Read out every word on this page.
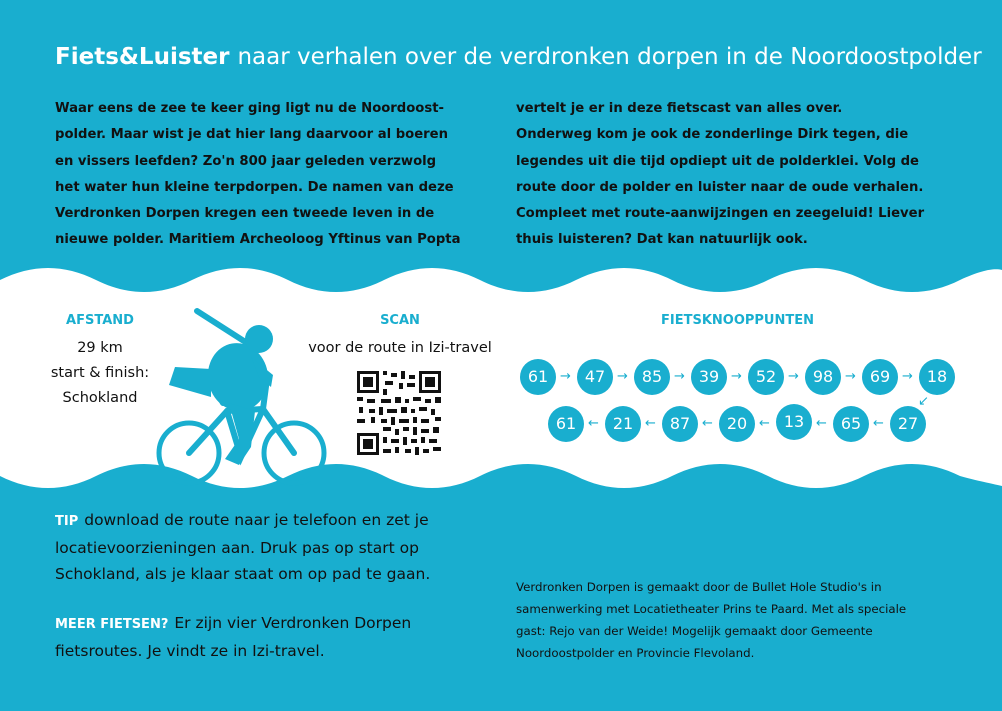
Fiets&Luister naar verhalen over de verdronken dorpen in de Noordoostpolder
Waar eens de zee te keer ging ligt nu de Noordoost-
polder. Maar wist je dat hier lang daarvoor al boeren
en vissers leefden? Zo'n 800 jaar geleden verzwolg
het water hun kleine terpdorpen. De namen van deze
Verdronken Dorpen kregen een tweede leven in de
nieuwe polder. Maritiem Archeoloog Yftinus van Popta
vertelt je er in deze fietscast van alles over.
Onderweg kom je ook de zonderlinge Dirk tegen, die
legendes uit die tijd opdiept uit de polderklei. Volg de
route door de polder en luister naar de oude verhalen.
Compleet met route-aanwijzingen en zeegeluid! Liever
thuis luisteren? Dat kan natuurlijk ook.
AFSTAND
29 km
start & finish:
Schokland
SCAN
voor de route in Izi-travel
FIETSKNOOPPUNTEN
61 → 47 → 85 → 39 → 52 → 98 → 69 → 18
↙
61 ← 21 ← 87 ← 20 ← 13 ← 65 ← 27
TIP download de route naar je telefoon en zet je
locatievoorzieningen aan. Druk pas op start op
Schokland, als je klaar staat om op pad te gaan.
MEER FIETSEN? Er zijn vier Verdronken Dorpen
fietsroutes. Je vindt ze in Izi-travel.
Verdronken Dorpen is gemaakt door de Bullet Hole Studio's in
samenwerking met Locatietheater Prins te Paard. Met als speciale
gast: Rejo van der Weide! Mogelijk gemaakt door Gemeente
Noordoostpolder en Provincie Flevoland.
